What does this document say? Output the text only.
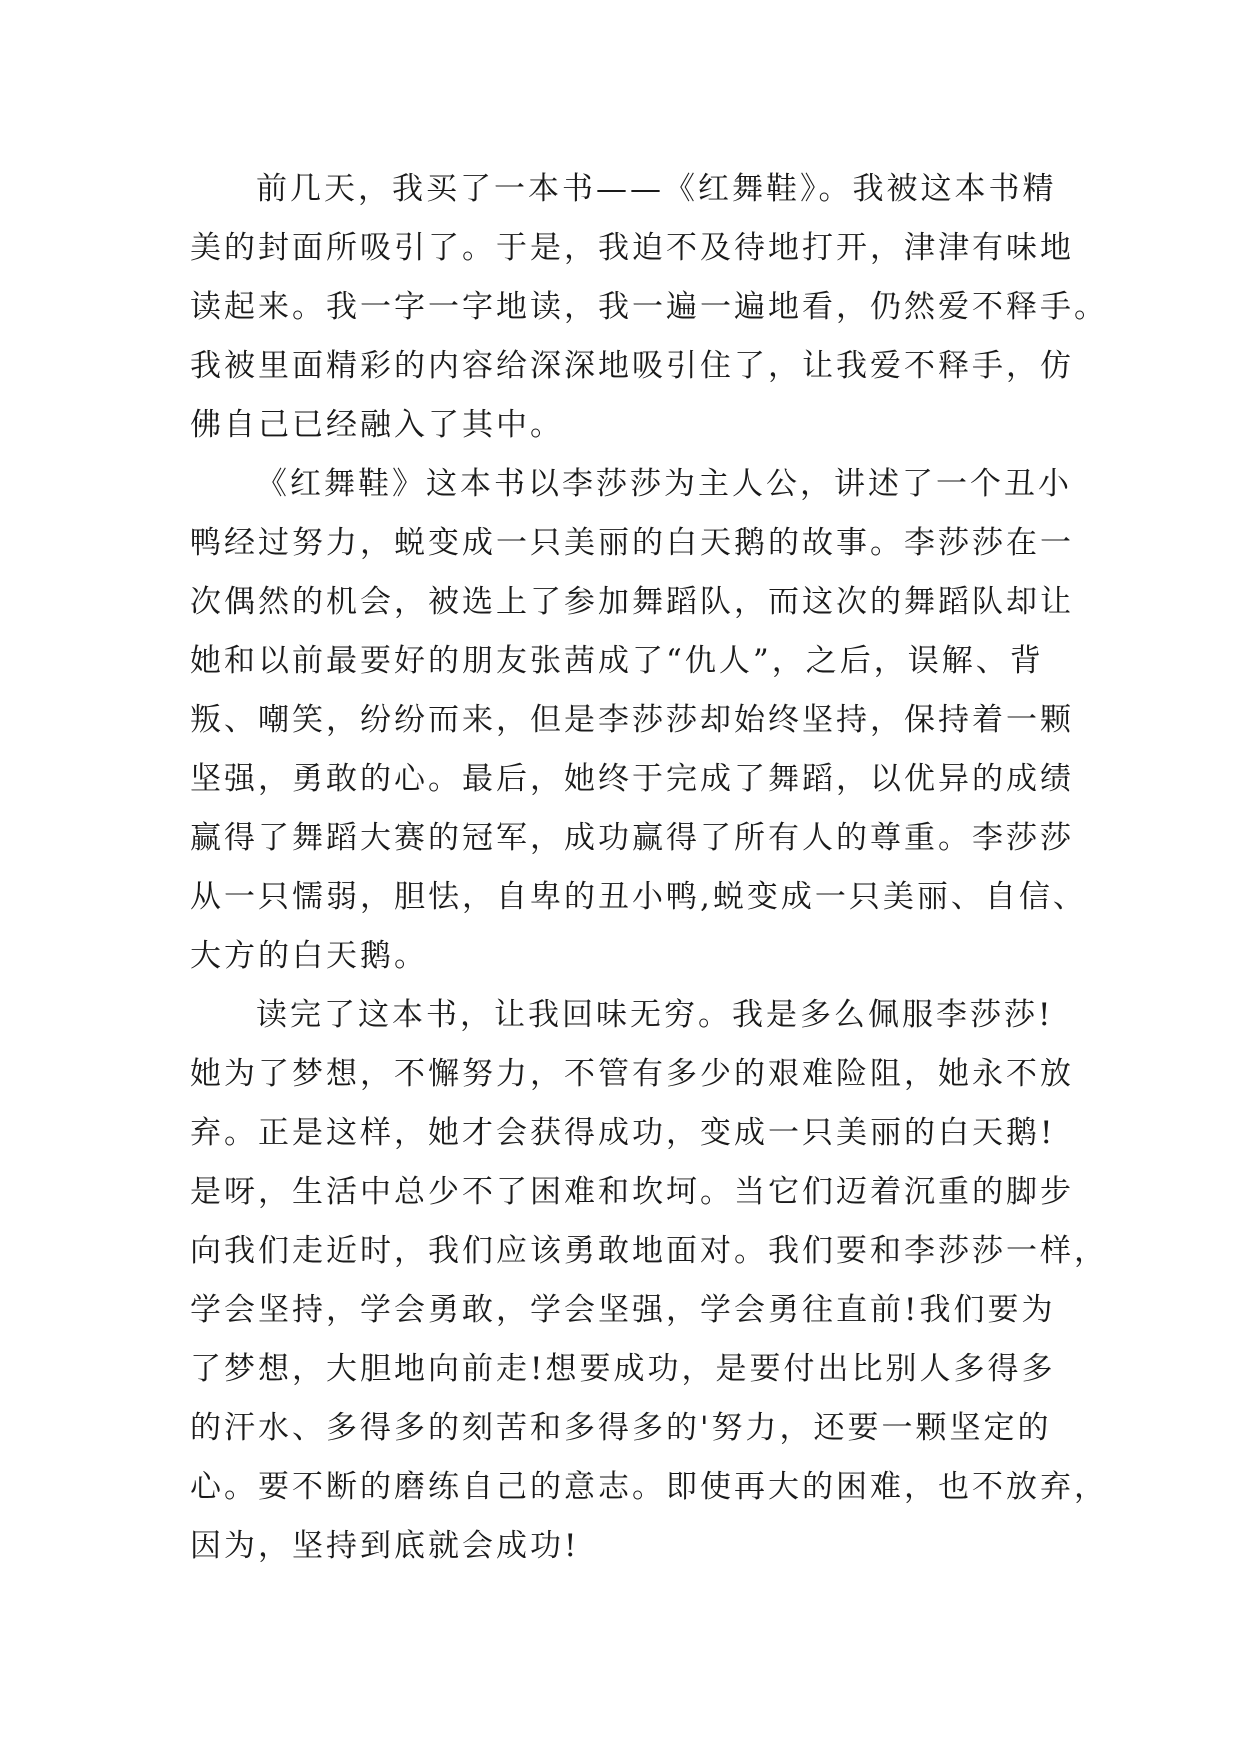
前几天，我买了一本书——《红舞鞋》。我被这本书精
美的封面所吸引了。于是，我迫不及待地打开，津津有味地
读起来。我一字一字地读，我一遍一遍地看，仍然爱不释手。
我被里面精彩的内容给深深地吸引住了，让我爱不释手，仿
佛自己已经融入了其中。
《红舞鞋》这本书以李莎莎为主人公，讲述了一个丑小
鸭经过努力，蜕变成一只美丽的白天鹅的故事。李莎莎在一
次偶然的机会，被选上了参加舞蹈队，而这次的舞蹈队却让
她和以前最要好的朋友张茜成了“仇人”，之后，误解、背
叛、嘲笑，纷纷而来，但是李莎莎却始终坚持，保持着一颗
坚强，勇敢的心。最后，她终于完成了舞蹈，以优异的成绩
赢得了舞蹈大赛的冠军，成功赢得了所有人的尊重。李莎莎
从一只懦弱，胆怯，自卑的丑小鸭,蜕变成一只美丽、自信、
大方的白天鹅。
读完了这本书，让我回味无穷。我是多么佩服李莎莎!
她为了梦想，不懈努力，不管有多少的艰难险阻，她永不放
弃。正是这样，她才会获得成功，变成一只美丽的白天鹅!
是呀，生活中总少不了困难和坎坷。当它们迈着沉重的脚步
向我们走近时，我们应该勇敢地面对。我们要和李莎莎一样，
学会坚持，学会勇敢，学会坚强，学会勇往直前!我们要为
了梦想，大胆地向前走!想要成功，是要付出比别人多得多
的汗水、多得多的刻苦和多得多的'努力，还要一颗坚定的
心。要不断的磨练自己的意志。即使再大的困难，也不放弃，
因为，坚持到底就会成功!
